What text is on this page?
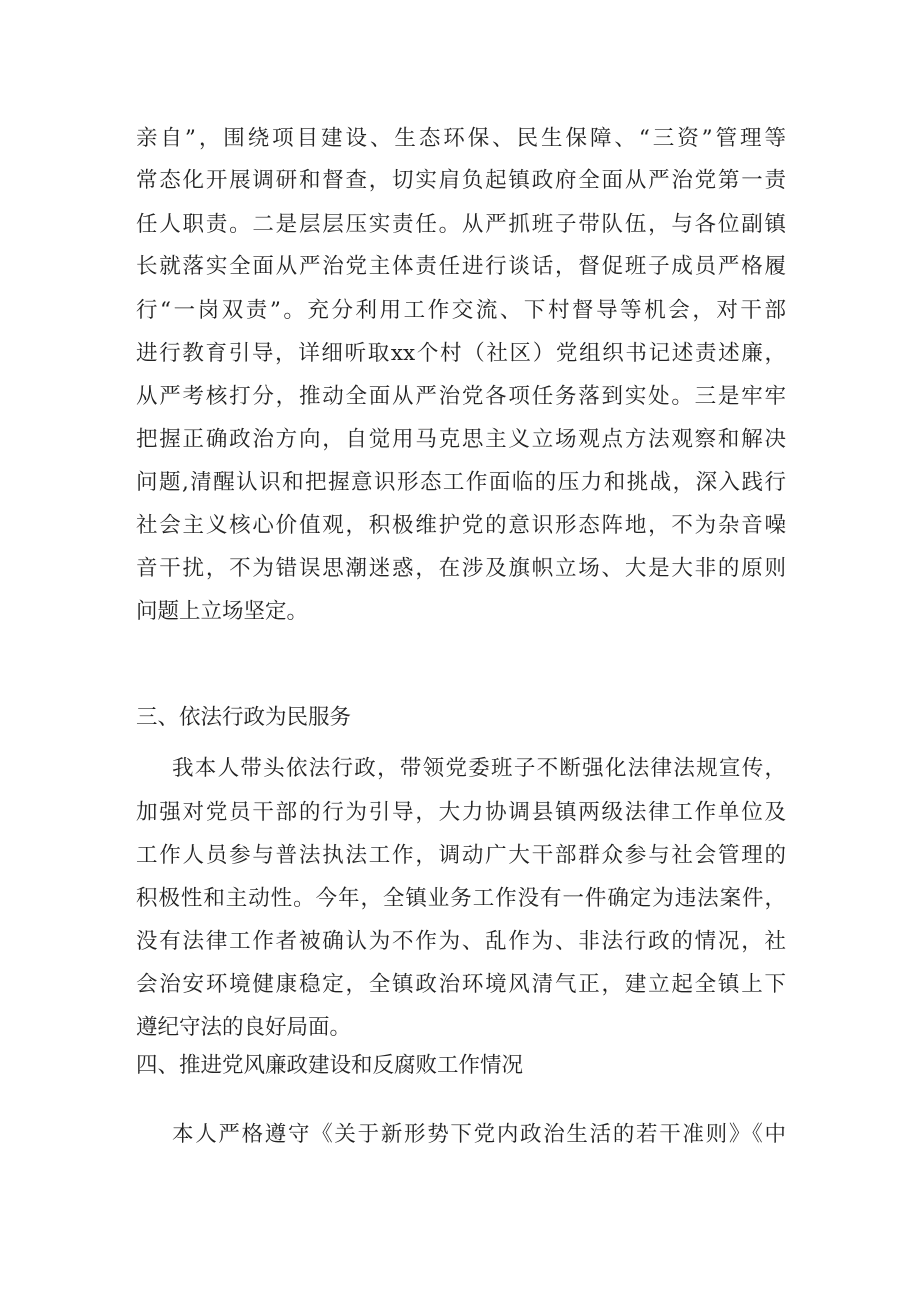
亲自”，围绕项目建设、生态环保、民生保障、“三资”管理等
常态化开展调研和督查，切实肩负起镇政府全面从严治党第一责
任人职责。二是层层压实责任。从严抓班子带队伍，与各位副镇
长就落实全面从严治党主体责任进行谈话，督促班子成员严格履
行“一岗双责”。充分利用工作交流、下村督导等机会，对干部
进行教育引导，详细听取xx个村（社区）党组织书记述责述廉，
从严考核打分，推动全面从严治党各项任务落到实处。三是牢牢
把握正确政治方向，自觉用马克思主义立场观点方法观察和解决
问题,清醒认识和把握意识形态工作面临的压力和挑战，深入践行
社会主义核心价值观，积极维护党的意识形态阵地，不为杂音噪
音干扰，不为错误思潮迷惑，在涉及旗帜立场、大是大非的原则
问题上立场坚定。
三、依法行政为民服务
我本人带头依法行政，带领党委班子不断强化法律法规宣传，
加强对党员干部的行为引导，大力协调县镇两级法律工作单位及
工作人员参与普法执法工作，调动广大干部群众参与社会管理的
积极性和主动性。今年，全镇业务工作没有一件确定为违法案件，
没有法律工作者被确认为不作为、乱作为、非法行政的情况，社
会治安环境健康稳定，全镇政治环境风清气正，建立起全镇上下
遵纪守法的良好局面。
四、推进党风廉政建设和反腐败工作情况
本人严格遵守《关于新形势下党内政治生活的若干准则》《中
